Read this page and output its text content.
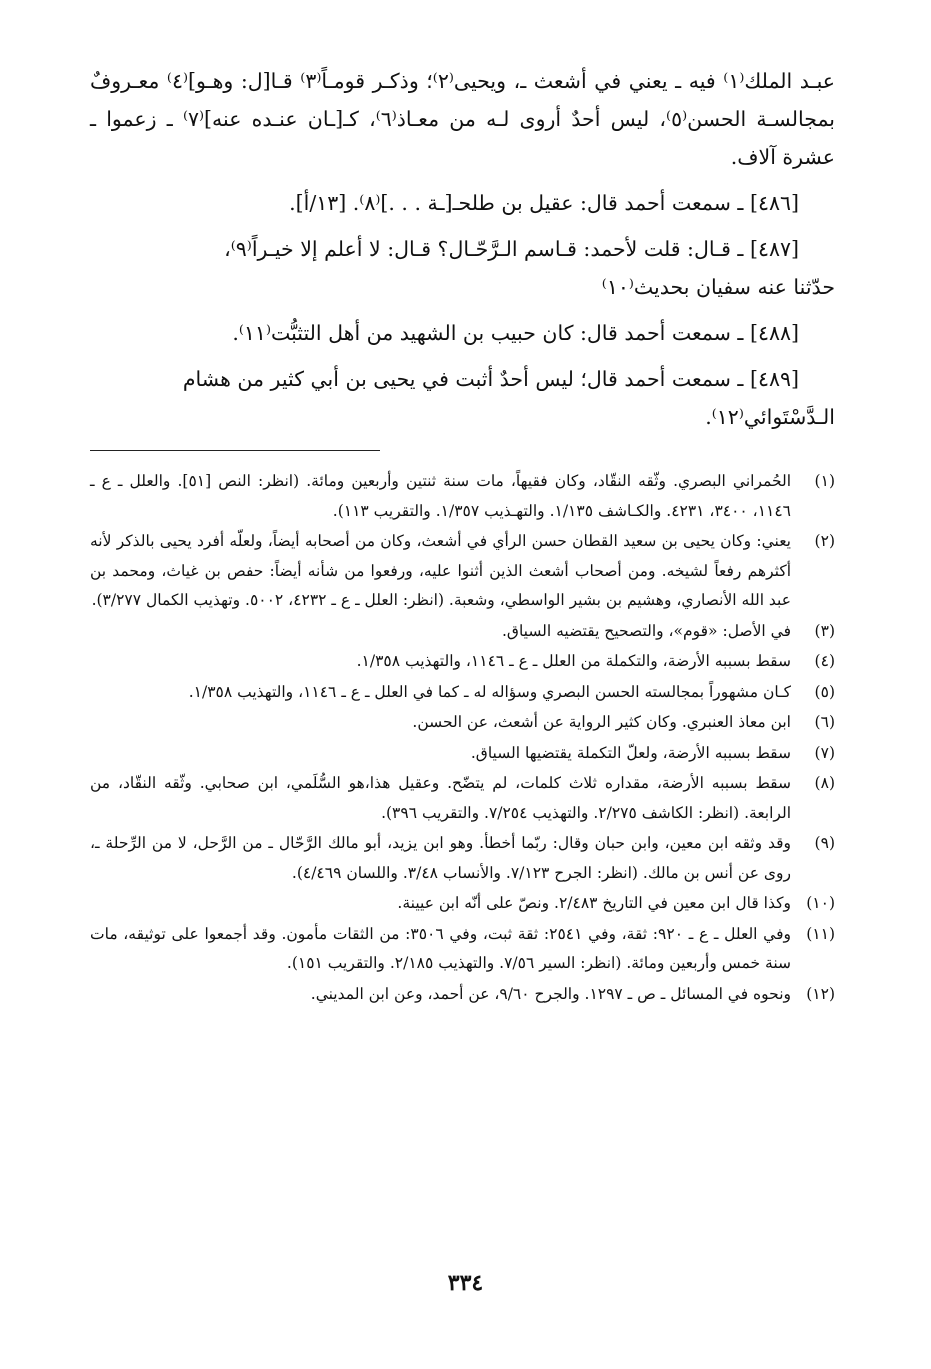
عبـد الملك⁽١⁾ فيه ـ يعني في أشعث ـ، ويحيى⁽٢⁾؛ وذكـر قومـاً⁽٣⁾ قـا[ل: وهـو]⁽٤⁾ معـروفٌ بمجالسـة الحسن⁽٥⁾، ليس أحدٌ أروى لـه من معـاذ⁽٦⁾، كـ[ـان عنـده عنه]⁽٧⁾ ـ زعموا ـ عشرة آلاف.

[٤٨٦] ـ سمعت أحمد قال: عقيل بن طلحـ[ـة . . .]⁽٨⁾. [١٣/أ].

[٤٨٧] ـ قـال: قلت لأحمد: قـاسم الـرَّحّـال؟ قـال: لا أعلم إلا خيـراً⁽٩⁾،
حدّثنا عنه سفيان بحديث⁽١٠⁾

[٤٨٨] ـ سمعت أحمد قال: كان حبيب بن الشهيد من أهل التثبُّت⁽١١⁾.

[٤٨٩] ـ سمعت أحمد قال؛ ليس أحدٌ أثبت في يحيى بن أبي كثير من هشام
الـدَّسْتَوائي⁽١٢⁾.

(١)
الحُمراني البصري. وثّقه النقّاد، وكان فقيهاً، مات سنة ثنتين وأربعين ومائة. (انظر: النص [٥١]. والعلل ـ ع ـ ١١٤٦، ٣٤٠٠، ٤٢٣١. والكـاشف ١/١٣٥. والتهـذيب ١/٣٥٧. والتقريب ١١٣).
(٢)
يعني: وكان يحيى بن سعيد القطان حسن الرأي في أشعث، وكان من أصحابه أيضاً، ولعلّه أفرد يحيى بالذكر لأنه أكثرهم رفعاً لشيخه. ومن أصحاب أشعث الذين أثنوا عليه، ورفعوا من شأنه أيضاً: حفص بن غياث، ومحمد بن عبد الله الأنصاري، وهشيم بن بشير الواسطي، وشعبة. (انظر: العلل ـ ع ـ ٤٢٣٢، ٥٠٠٢. وتهذيب الكمال ٣/٢٧٧).
(٣)
في الأصل: «قوم»، والتصحيح يقتضيه السياق.
(٤)
سقط بسببه الأرضة، والتكملة من العلل ـ ع ـ ١١٤٦، والتهذيب ١/٣٥٨.
(٥)
كـان مشهوراً بمجالسته الحسن البصري وسؤاله له ـ كما في العلل ـ ع ـ ١١٤٦، والتهذيب ١/٣٥٨.
(٦)
ابن معاذ العنبري. وكان كثير الرواية عن أشعث، عن الحسن.
(٧)
سقط بسببه الأرضة، ولعلّ التكملة يقتضيها السياق.
(٨)
سقط بسببه الأرضة، مقداره ثلاث كلمات، لم يتضّح. وعقيل هذا،هو السُّلَمي، ابن صحابي. وثّقه النقّاد، من الرابعة. (انظر: الكاشف ٢/٢٧٥. والتهذيب ٧/٢٥٤. والتقريب ٣٩٦).
(٩)
وقد وثقه ابن معين، وابن حبان وقال: ربّما أخطأ. وهو ابن يزيد، أبو مالك الرَّحّال ـ من الرَّحل، لا من الرِّحلة ـ، روى عن أنس بن مالك. (انظر: الجرح ٧/١٢٣. والأنساب ٣/٤٨. واللسان ٤/٤٦٩).
(١٠)
وكذا قال ابن معين في التاريخ ٢/٤٨٣. ونصّ على أنّه ابن عيينة.
(١١)
وفي العلل ـ ع ـ ٩٢٠: ثقة، وفي ٢٥٤١: ثقة ثبت، وفي ٣٥٠٦: من الثقات مأمون. وقد أجمعوا على توثيقه، مات سنة خمس وأربعين ومائة. (انظر: السير ٧/٥٦. والتهذيب ٢/١٨٥. والتقريب ١٥١).
(١٢)
ونحوه في المسائل ـ ص ـ ١٢٩٧. والجرح ٩/٦٠، عن أحمد، وعن ابن المديني.
٣٣٤
